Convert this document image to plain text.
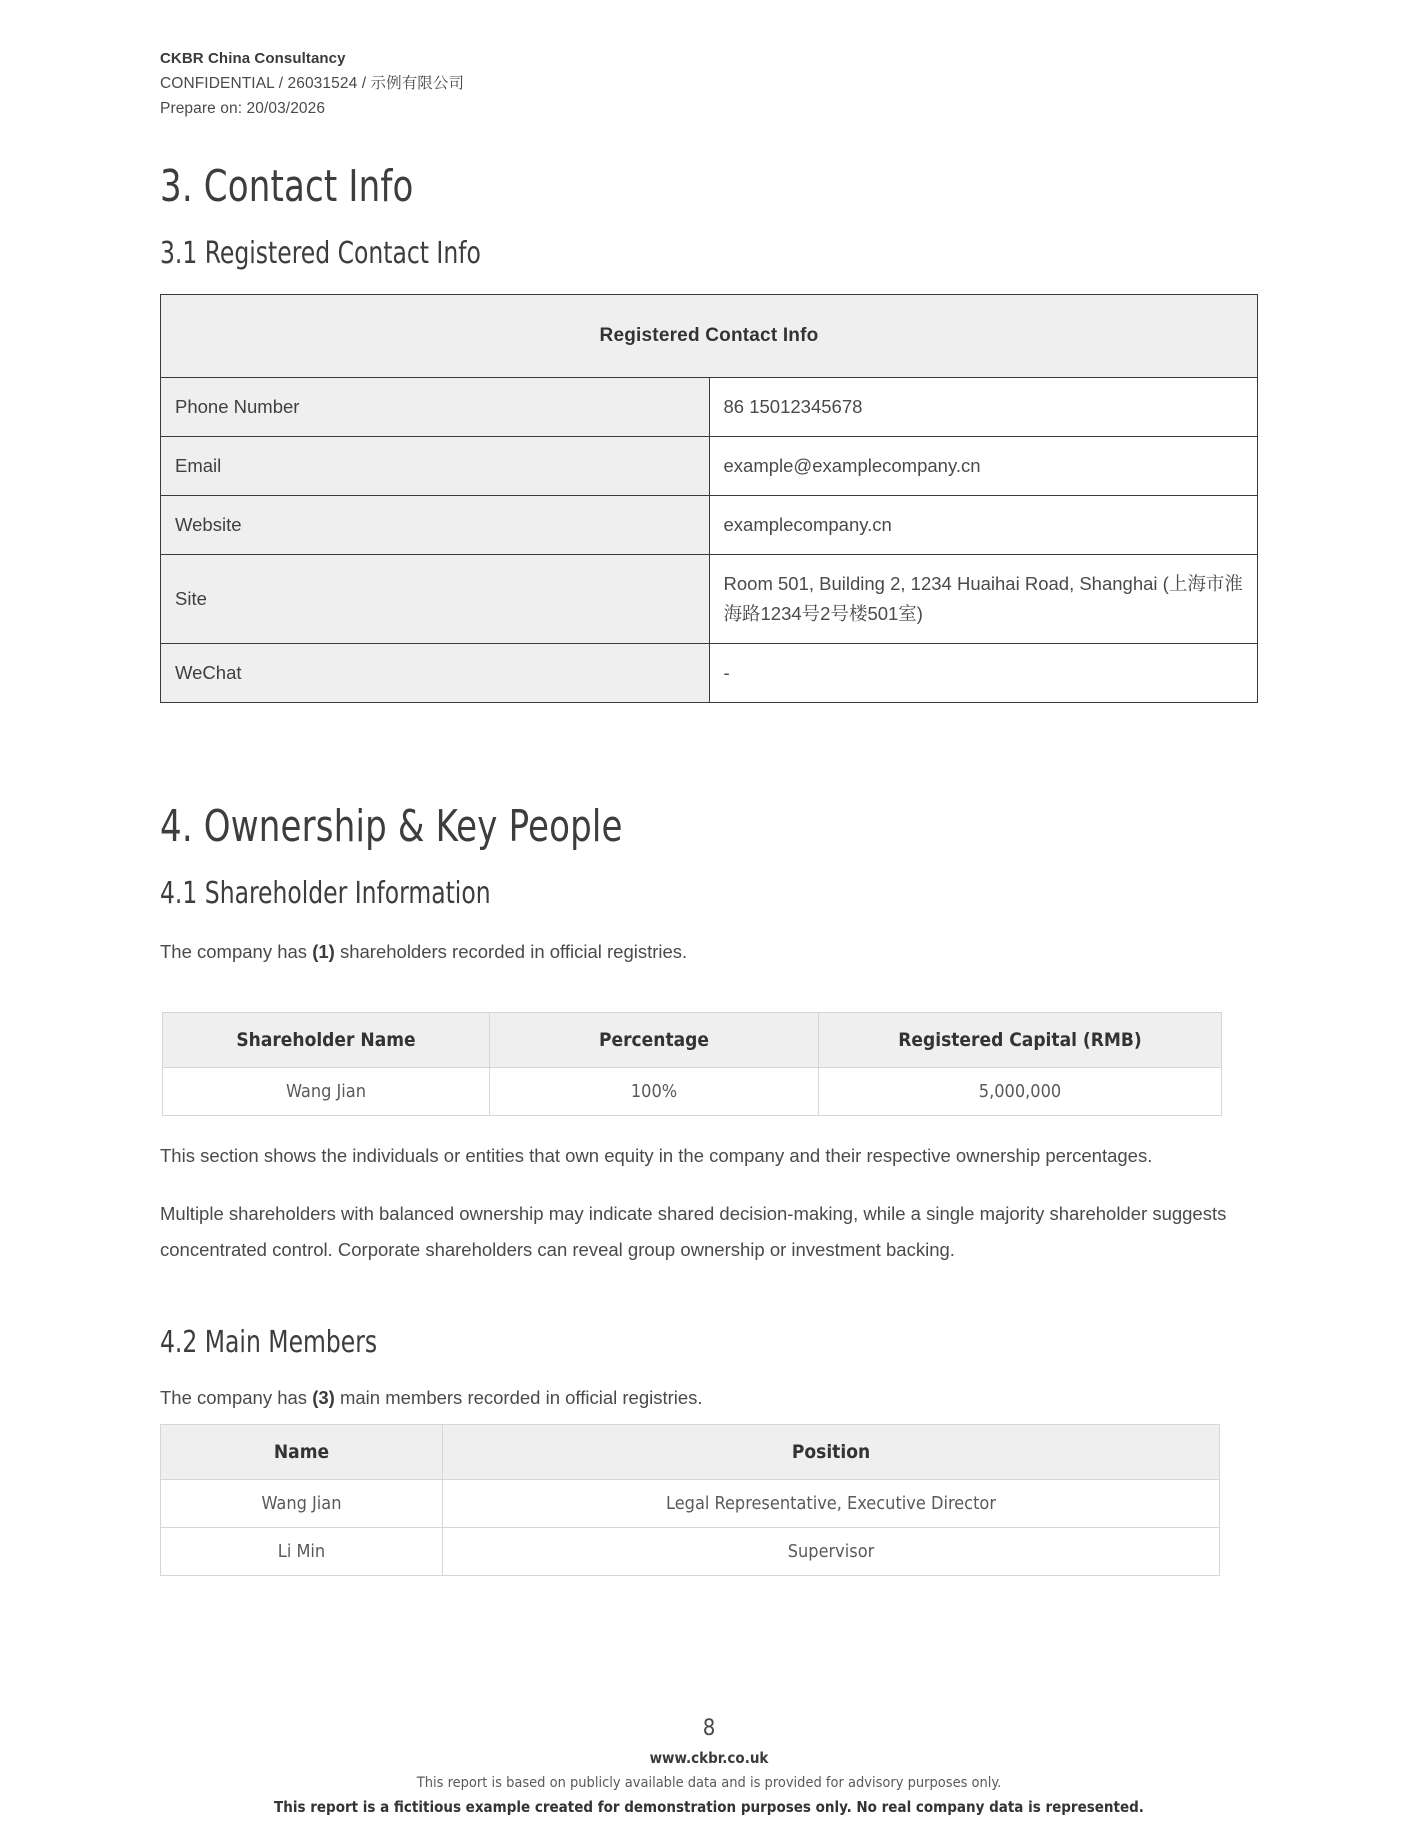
CKBR China Consultancy
CONFIDENTIAL / 26031524 / 示例有限公司
Prepare on: 20/03/2026
3. Contact Info
3.1 Registered Contact Info
Registered Contact Info	
Phone Number	86 15012345678
Email	example@examplecompany.cn
Website	examplecompany.cn
Site	Room 501, Building 2, 1234 Huaihai Road, Shanghai (上海市淮海路1234号2号楼501室)
WeChat	-
4. Ownership & Key People
4.1 Shareholder Information

The company has (1) shareholders recorded in official registries.

Shareholder Name	Percentage	Registered Capital (RMB)
Wang Jian	100%	5,000,000

This section shows the individuals or entities that own equity in the company and their respective ownership percentages.

Multiple shareholders with balanced ownership may indicate shared decision-making, while a single majority shareholder suggests concentrated control. Corporate shareholders can reveal group ownership or investment backing.

4.2 Main Members

The company has (3) main members recorded in official registries.

Name	Position
Wang Jian	Legal Representative, Executive Director
Li Min	Supervisor
8
www.ckbr.co.uk
This report is based on publicly available data and is provided for advisory purposes only.
This report is a fictitious example created for demonstration purposes only. No real company data is represented.
